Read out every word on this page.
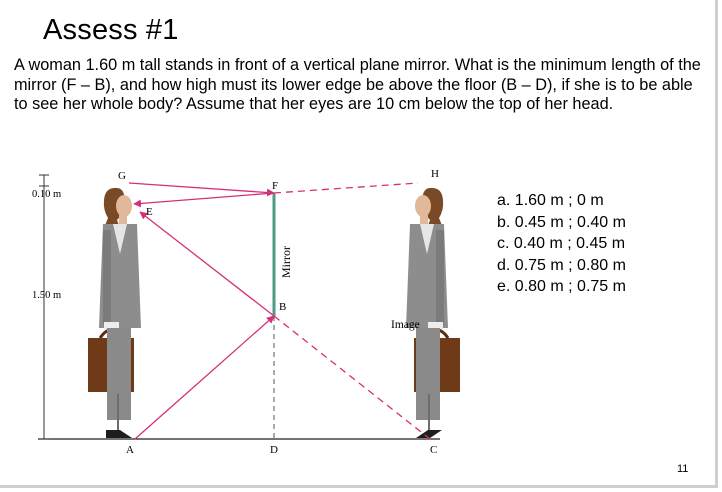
Assess #1

A woman 1.60 m tall stands in front of a vertical plane mirror. What is the minimum length of the mirror (F – B), and how high must its lower edge be above the floor (B – D), if she is to be able to see her whole body? Assume that her eyes are 10 cm below the top of her head.

a. 1.60 m ; 0 m
b. 0.45 m ; 0.40 m
c. 0.40 m ; 0.45 m
d. 0.75 m ; 0.80 m
e. 0.80 m ; 0.75 m
0.10 m
1.50 m
Mirror
G
E
F
H
B
A	D	C
Image
11
